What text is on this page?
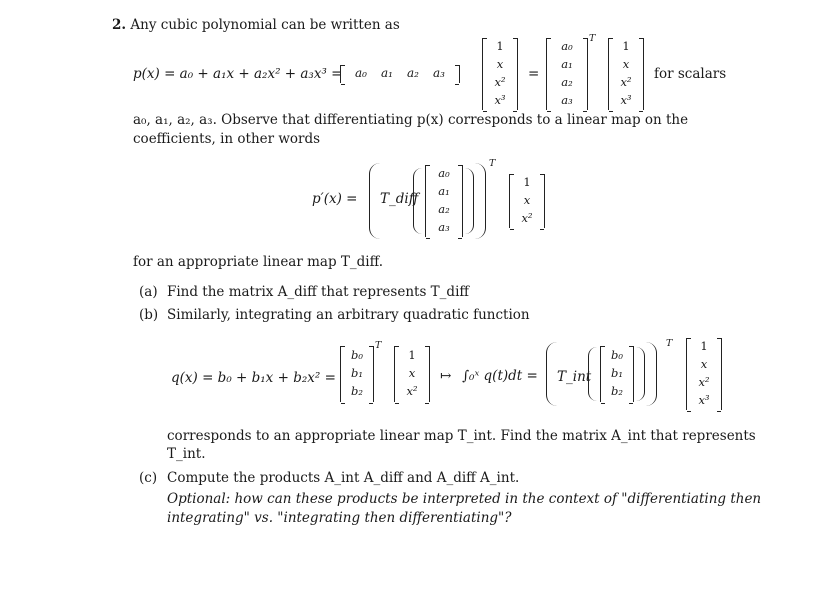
2. Any cubic polynomial can be written as
p(x) = a₀ + a₁x + a₂x² + a₃x³ = a₀ a₁ a₂ a₃
1
x
x²
x³
=
a₀
a₁
a₂
a₃
T
1
x
x²
x³
for scalars
a₀, a₁, a₂, a₃. Observe that differentiating p(x) corresponds to a linear map on the
coefficients, in other words
p′(x) = T_diff
a₀
a₁
a₂
a₃
T
1
x
x²
for an appropriate linear map T_diff.
(a) Find the matrix A_diff that represents T_diff
(b) Similarly, integrating an arbitrary quadratic function
q(x) = b₀ + b₁x + b₂x² =
b₀
b₁
b₂
T
1
x
x²
↦ ∫₀ˣ q(t)dt = T_int
b₀
b₁
b₂
T	1
x
x²
x³
corresponds to an appropriate linear map T_int. Find the matrix A_int that represents
T_int.
(c) Compute the products A_int A_diff and A_diff A_int.
Optional: how can these products be interpreted in the context of "differentiating then
integrating" vs. "integrating then differentiating"?
